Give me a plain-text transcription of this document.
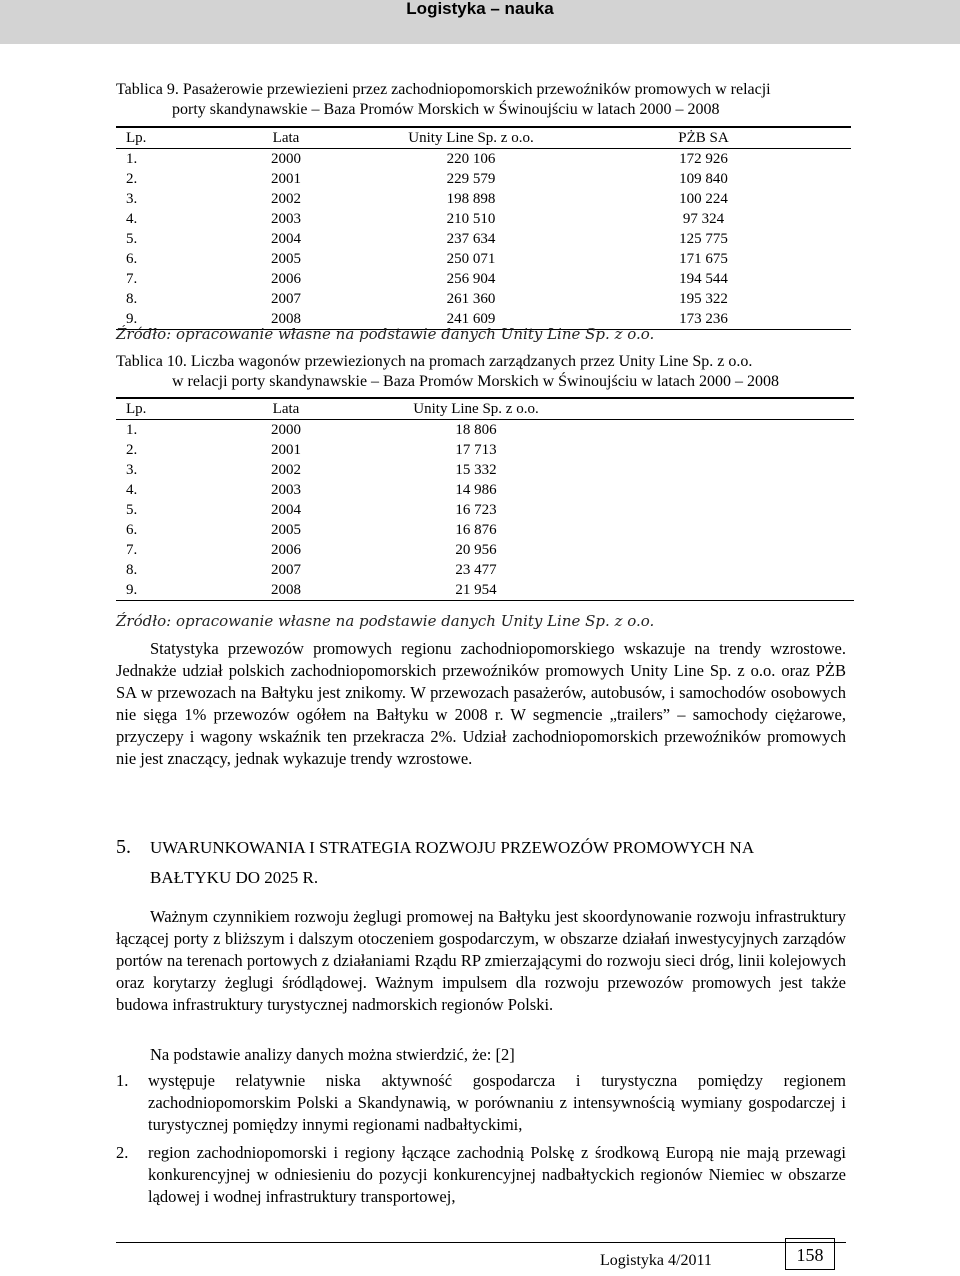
Logistyka – nauka
Tablica 9. Pasażerowie przewiezieni przez zachodniopomorskich przewoźników promowych w relacji
porty skandynawskie – Baza Promów Morskich w Świnoujściu w latach 2000 – 2008
Lp.	Lata	Unity Line Sp. z o.o.	PŻB SA
1.	2000	220 106	172 926
2.	2001	229 579	109 840
3.	2002	198 898	100 224
4.	2003	210 510	97 324
5.	2004	237 634	125 775
6.	2005	250 071	171 675
7.	2006	256 904	194 544
8.	2007	261 360	195 322
9.	2008	241 609	173 236
Źródło: opracowanie własne na podstawie danych Unity Line Sp. z o.o.
Tablica 10. Liczba wagonów przewiezionych na promach zarządzanych przez Unity Line Sp. z o.o.
w relacji porty skandynawskie – Baza Promów Morskich w Świnoujściu w latach 2000 – 2008
Lp.	Lata	Unity Line Sp. z o.o.	
1.	2000	18 806	
2.	2001	17 713	
3.	2002	15 332	
4.	2003	14 986	
5.	2004	16 723	
6.	2005	16 876	
7.	2006	20 956	
8.	2007	23 477	
9.	2008	21 954	
Źródło: opracowanie własne na podstawie danych Unity Line Sp. z o.o.

Statystyka przewozów promowych regionu zachodniopomorskiego wskazuje na trendy wzrostowe. Jednakże udział polskich zachodniopomorskich przewoźników promowych Unity Line Sp. z o.o. oraz PŻB SA w przewozach na Bałtyku jest znikomy. W przewozach pasażerów, autobusów, i samochodów osobowych nie sięga 1% przewozów ogółem na Bałtyku w 2008 r. W segmencie „trailers” – samochody ciężarowe, przyczepy i wagony wskaźnik ten przekracza 2%. Udział zachodniopomorskich przewoźników promowych nie jest znaczący, jednak wykazuje trendy wzrostowe.

5. UWARUNKOWANIA I STRATEGIA ROZWOJU PRZEWOZÓW PROMOWYCH NA
BAŁTYKU DO 2025 R.

Ważnym czynnikiem rozwoju żeglugi promowej na Bałtyku jest skoordynowanie rozwoju infrastruktury łączącej porty z bliższym i dalszym otoczeniem gospodarczym, w obszarze działań inwestycyjnych zarządów portów na terenach portowych z działaniami Rządu RP zmierzającymi do rozwoju sieci dróg, linii kolejowych oraz korytarzy żeglugi śródlądowej. Ważnym impulsem dla rozwoju przewozów promowych jest także budowa infrastruktury turystycznej nadmorskich regionów Polski.

Na podstawie analizy danych można stwierdzić, że: [2]

1. występuje relatywnie niska aktywność gospodarcza i turystyczna pomiędzy regionem zachodniopomorskim Polski a Skandynawią, w porównaniu z intensywnością wymiany gospodarczej i turystycznej pomiędzy innymi regionami nadbałtyckimi,
2. region zachodniopomorski i regiony łączące zachodnią Polskę z środkową Europą nie mają przewagi konkurencyjnej w odniesieniu do pozycji konkurencyjnej nadbałtyckich regionów Niemiec w obszarze lądowej i wodnej infrastruktury transportowej,
Logistyka 4/2011	158
